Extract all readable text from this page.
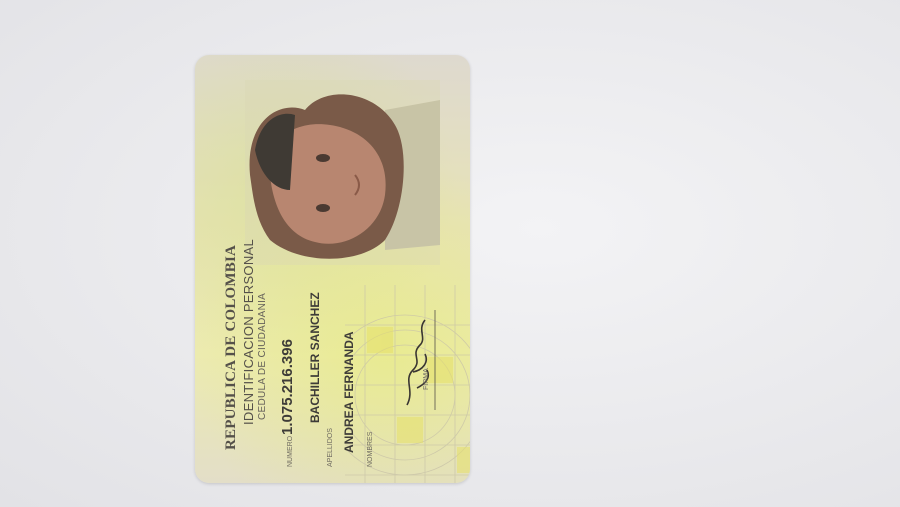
REPUBLICA DE COLOMBIA IDENTIFICACION PERSONAL CEDULA DE CIUDADANIA
NUMERO
1.075.216.396
APELLIDOS
BACHILLER SANCHEZ
NOMBRES
ANDREA FERNANDA	FIRMA
